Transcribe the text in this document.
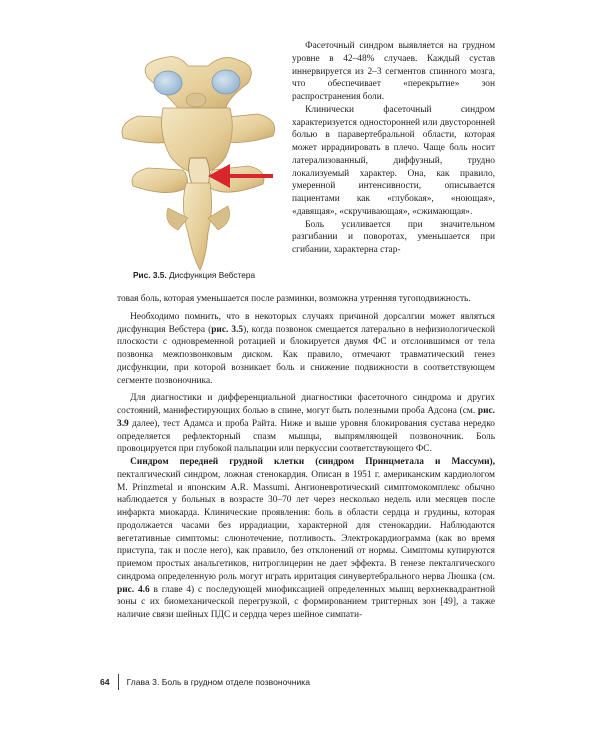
Рис. 3.5. Дисфункция Вебстера

Фасеточный синдром выявляется на грудном уровне в 42–48% случаев. Каждый сустав иннервируется из 2–3 сегментов спинного мозга, что обеспечивает «перекрытие» зон распространения боли.

Клинически фасеточный синдром характеризуется односторонней или двусторонней болью в паравертебральной области, которая может иррадиировать в плечо. Чаще боль носит латерализованный, диффузный, трудно локализуемый характер. Она, как правило, умеренной интенсивности, описывается пациентами как «глубокая», «ноющая», «давящая», «скручивающая», «сжимающая».

Боль усиливается при значительном разгибании и поворотах, уменьшается при сгибании, характерна стар-

товая боль, которая уменьшается после разминки, возможна утренняя тугоподвижность.

Необходимо помнить, что в некоторых случаях причиной дорсалгии может являться дисфункция Вебстера (рис. 3.5), когда позвонок смещается латерально в нефизиологической плоскости с одновременной ротацией и блокируется двумя ФС и отслоившимся от тела позвонка межпозвонковым диском. Как правило, отмечают травматический генез дисфункции, при которой возникает боль и снижение подвижности в соответствующем сегменте позвоночника.

Для диагностики и дифференциальной диагностики фасеточного синдрома и других состояний, манифестирующих болью в спине, могут быть полезными проба Адсона (см. рис. 3.9 далее), тест Адамса и проба Райта. Ниже и выше уровня блокирования сустава нередко определяется рефлекторный спазм мышцы, выпрямляющей позвоночник. Боль провоцируется при глубокой пальпации или перкуссии соответствующего ФС.

Синдром передней грудной клетки (синдром Принцметала и Массуми), пекталгический синдром, ложная стенокардия. Описан в 1951 г. американским кардиологом M. Prinzmetal и японским A.R. Massumi. Ангионевротический симптомокомплекс обычно наблюдается у больных в возрасте 30–70 лет через несколько недель или месяцев после инфаркта миокарда. Клинические проявления: боль в области сердца и грудины, которая продолжается часами без иррадиации, характерной для стенокардии. Наблюдаются вегетативные симптомы: слюнотечение, потливость. Электрокардиограмма (как во время приступа, так и после него), как правило, без отклонений от нормы. Симптомы купируются приемом простых анальгетиков, нитроглицерин не дает эффекта. В генезе пекталгического синдрома определенную роль могут играть ирритация синувертебрального нерва Люшка (см. рис. 4.6 в главе 4) с последующей миофиксацией определенных мышц верхнеквадрантной зоны с их биомеханической перегрузкой, с формированием триггерных зон [49], а также наличие связи шейных ПДС и сердца через шейное симпати-

64	Глава 3. Боль в грудном отделе позвоночника
